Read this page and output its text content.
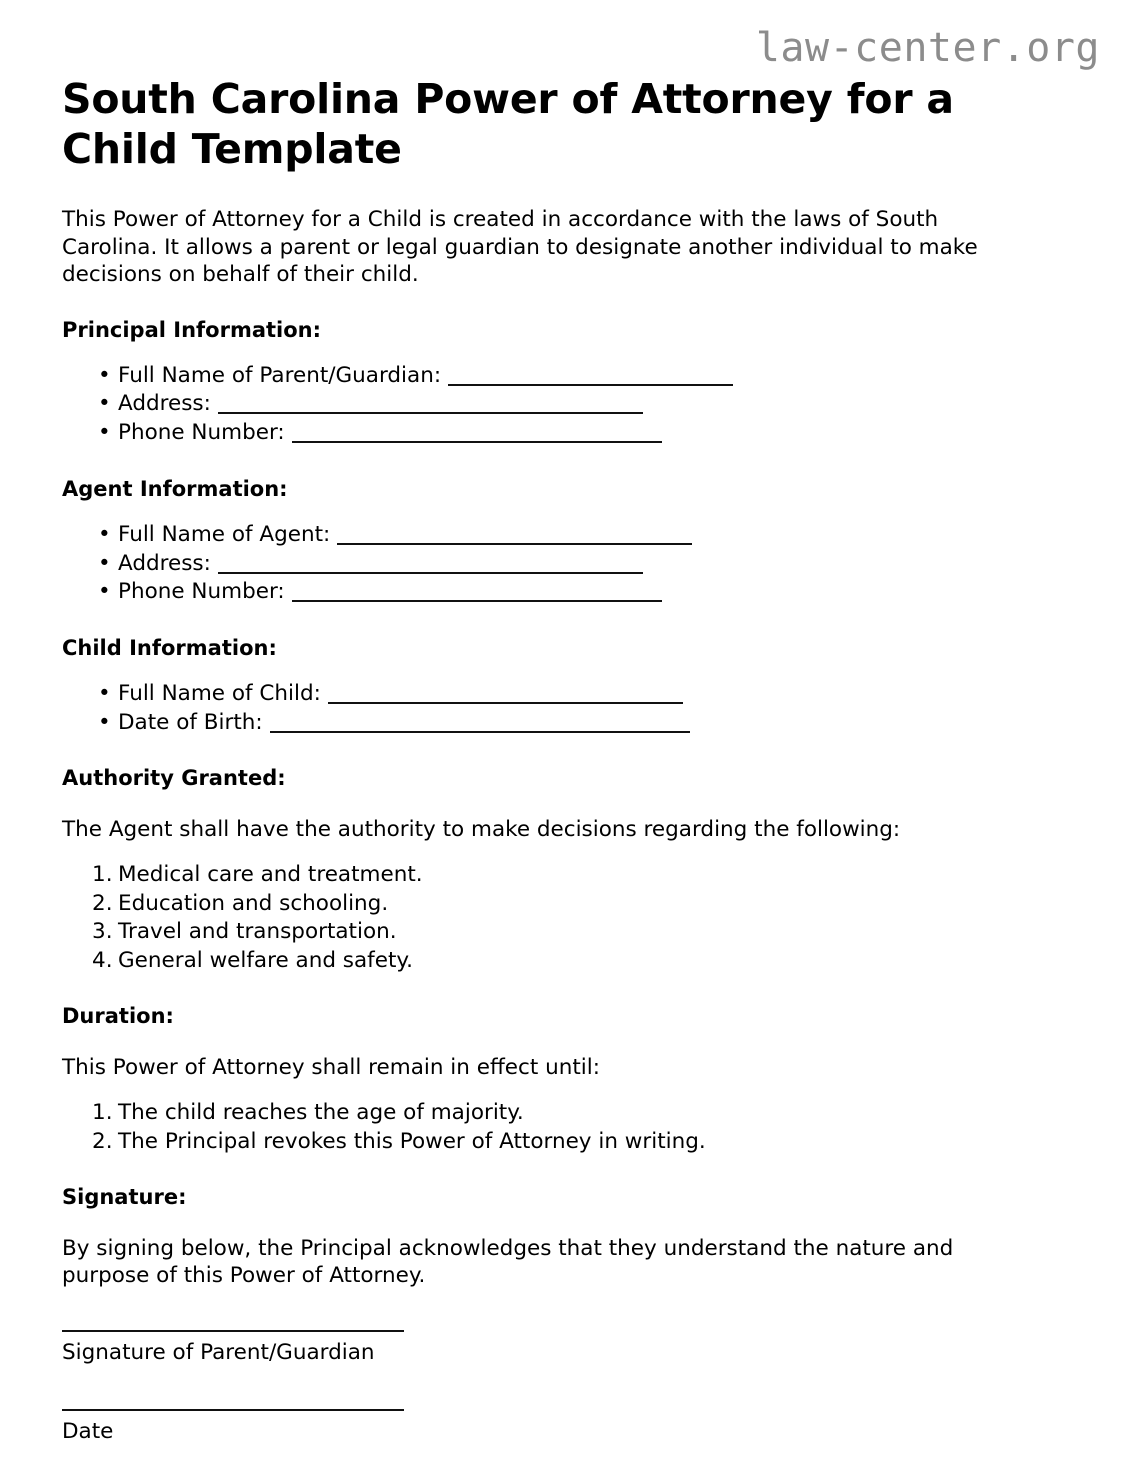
law-center.org
South Carolina Power of Attorney for a Child Template

This Power of Attorney for a Child is created in accordance with the laws of South Carolina. It allows a parent or legal guardian to designate another individual to make decisions on behalf of their child.

Principal Information:
• Full Name of Parent/Guardian:
• Address:
• Phone Number:
Agent Information:
• Full Name of Agent:
• Address:
• Phone Number:
Child Information:
• Full Name of Child:
• Date of Birth:
Authority Granted:

The Agent shall have the authority to make decisions regarding the following:

Medical care and treatment.
Education and schooling.
Travel and transportation.
General welfare and safety.
Duration:

This Power of Attorney shall remain in effect until:

The child reaches the age of majority.
The Principal revokes this Power of Attorney in writing.
Signature:

By signing below, the Principal acknowledges that they understand the nature and purpose of this Power of Attorney.

Signature of Parent/Guardian
Date
